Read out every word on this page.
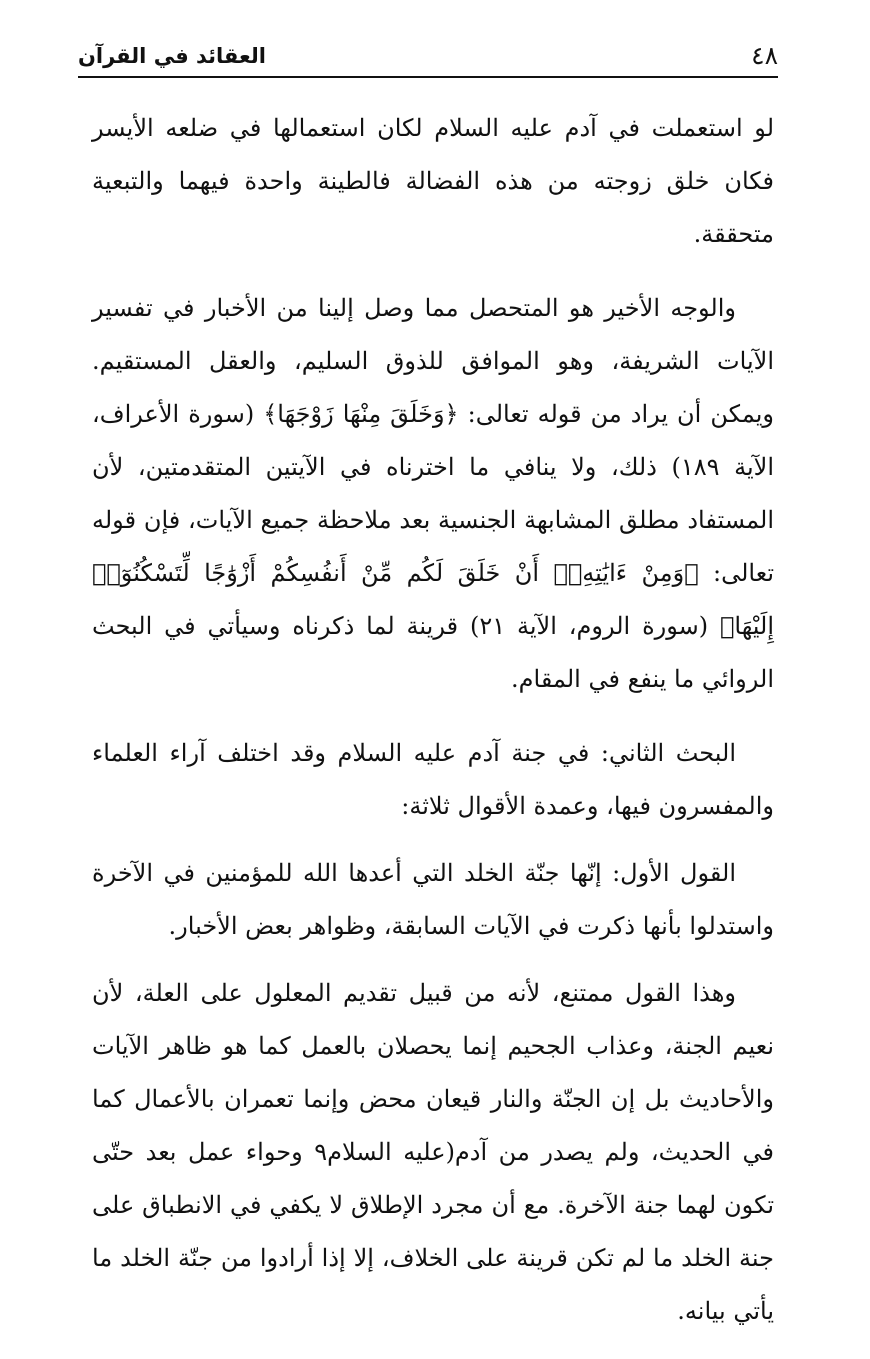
٤٨
العقائد في القرآن

لو استعملت في آدم عليه السلام لكان استعمالها في ضلعه الأيسر فكان خلق زوجته من هذه الفضالة فالطينة واحدة فيهما والتبعية متحققة.

والوجه الأخير هو المتحصل مما وصل إلينا من الأخبار في تفسير الآيات الشريفة، وهو الموافق للذوق السليم، والعقل المستقيم. ويمكن أن يراد من قوله تعالى: ﴿وَخَلَقَ مِنْهَا زَوْجَهَا﴾ (سورة الأعراف، الآية ١٨٩) ذلك، ولا ينافي ما اخترناه في الآيتين المتقدمتين، لأن المستفاد مطلق المشابهة الجنسية بعد ملاحظة جميع الآيات، فإن قوله تعالى: ﴿وَمِنْ ءَايَٰتِهِۦٓ أَنْ خَلَقَ لَكُم مِّنْ أَنفُسِكُمْ أَزْوَٰجًا لِّتَسْكُنُوٓا۟ إِلَيْهَا﴾ (سورة الروم، الآية ٢١) قرينة لما ذكرناه وسيأتي في البحث الروائي ما ينفع في المقام.

البحث الثاني: في جنة آدم عليه السلام وقد اختلف آراء العلماء والمفسرون فيها، وعمدة الأقوال ثلاثة:

القول الأول: إنّها جنّة الخلد التي أعدها الله للمؤمنين في الآخرة واستدلوا بأنها ذكرت في الآيات السابقة، وظواهر بعض الأخبار.

وهذا القول ممتنع، لأنه من قبيل تقديم المعلول على العلة، لأن نعيم الجنة، وعذاب الجحيم إنما يحصلان بالعمل كما هو ظاهر الآيات والأحاديث بل إن الجنّة والنار قيعان محض وإنما تعمران بالأعمال كما في الحديث، ولم يصدر من آدم(عليه السلام٩ وحواء عمل بعد حتّى تكون لهما جنة الآخرة. مع أن مجرد الإطلاق لا يكفي في الانطباق على جنة الخلد ما لم تكن قرينة على الخلاف، إلا إذا أرادوا من جنّة الخلد ما يأتي بيانه.
